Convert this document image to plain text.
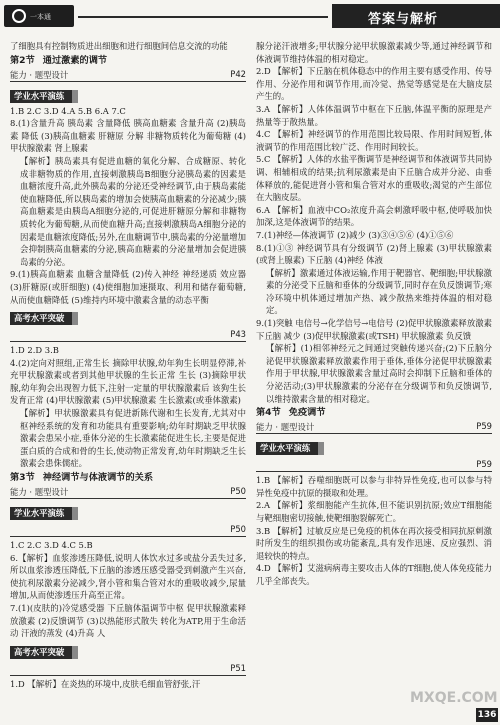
一本通	答案与解析

了细胞具有控制物质进出细胞和进行细胞间信息交流的功能

第2节 通过激素的调节
能力 · 题型设计	P42
学业水平演练

1.B 2.C 3.D 4.A 5.B 6.A 7.C

8.(1)含量升高 胰岛素 含量降低 胰高血糖素 含量升高 (2)胰岛素 降低 (3)胰高血糖素 肝糖原 分解 非糖物质转化为葡萄糖 (4)甲状腺激素 肾上腺素

【解析】胰岛素具有促进血糖的氧化分解、合成糖原、转化成非糖物质的作用,直接刺激胰岛B细胞分泌胰岛素的因素是血糖浓度升高,此外胰岛素的分泌还受神经调节,由于胰岛素能使血糖降低,所以胰岛素的增加会使胰高血糖素的分泌减少;胰高血糖素是由胰岛A细胞分泌的,可促进肝糖原分解和非糖物质转化为葡萄糖,从而使血糖升高;直接刺激胰岛A细胞分泌的因素是血糖浓度降低;另外,在血糖调节中,胰岛素的分泌量增加会抑制胰高血糖素的分泌,胰高血糖素的分泌量增加会促进胰岛素的分泌。

9.(1)胰高血糖素 血糖含量降低 (2)传入神经 神经递质 效应器 (3)肝糖原(或肝细胞) (4)使细胞加速摄取、利用和储存葡萄糖,从而使血糖降低 (5)维持内环境中激素含量的动态平衡

高考水平突破
P43

1.D 2.D 3.B

4.(2)定向对照组,正常生长 摘除甲状腺,幼年狗生长明显停滞,补充甲状腺激素或者到其他甲状腺的生长正常 生长 (3)摘除甲状腺,幼年狗会出现智力低下,注射一定量的甲状腺激素后 该狗生长发育正常 (4)甲状腺激素 (5)甲状腺激素 生长激素(或垂体激素)

【解析】甲状腺激素具有促进新陈代谢和生长发育,尤其对中枢神经系统的发育和功能具有重要影响;幼年时期缺乏甲状腺激素会患呆小症,垂体分泌的生长激素能促进生长,主要是促进蛋白质的合成和骨的生长,使动物正常发育,幼年时期缺乏生长激素会患侏儒症。

第3节 神经调节与体液调节的关系
能力 · 题型设计	P50
学业水平演练
P50

1.C 2.C 3.D 4.C 5.B

6.【解析】血浆渗透压降低,说明人体饮水过多或盐分丢失过多,所以血浆渗透压降低,下丘脑的渗透压感受器受到刺激产生兴奋,使抗利尿激素分泌减少,肾小管和集合管对水的重吸收减少,尿量增加,从而使渗透压升高至正常。

7.(1)(皮肤的)冷觉感受器 下丘脑体温调节中枢 促甲状腺激素释放激素 (2)反馈调节 (3)以热能形式散失 转化为ATP,用于生命活动 汗液的蒸发 (4)升高 人

高考水平突破
P51

1.D 【解析】在炎热的环境中,皮肤毛细血管舒张,汗

腺分泌汗液增多;甲状腺分泌甲状腺激素减少等,通过神经调节和体液调节维持体温的相对稳定。

2.D 【解析】下丘脑在机体稳态中的作用主要有感受作用、传导作用、分泌作用和调节作用,而冷觉、热觉等感觉是在大脑皮层产生的。

3.A 【解析】人体体温调节中枢在下丘脑,体温平衡的原理是产热量等于散热量。

4.C 【解析】神经调节的作用范围比较局限、作用时间短暂,体液调节的作用范围比较广泛、作用时间较长。

5.C 【解析】人体的水盐平衡调节是神经调节和体液调节共同协调、相辅相成的结果;抗利尿激素是由下丘脑合成并分泌、由垂体释放的,能促进肾小管和集合管对水的重吸收;渴觉的产生部位在大脑皮层。

6.A 【解析】血液中CO₂浓度升高会刺激呼吸中枢,使呼吸加快加深,这是体液调节的结果。

7.(1)神经—体液调节 (2)减少 (3)③④⑤⑥ (4)①⑤⑥

8.(1)①③ 神经调节具有分级调节 (2)肾上腺素 (3)甲状腺激素(或肾上腺素) 下丘脑 (4)神经 体液

【解析】激素通过体液运输,作用于靶器官、靶细胞;甲状腺激素的分泌受下丘脑和垂体的分级调节,同时存在负反馈调节;寒冷环境中机体通过增加产热、减少散热来维持体温的相对稳定。

9.(1)突触 电信号→化学信号→电信号 (2)促甲状腺激素释放激素 下丘脑 减少 (3)促甲状腺激素(或TSH) 甲状腺激素 负反馈

【解析】(1)相邻神经元之间通过突触传递兴奋;(2)下丘脑分泌促甲状腺激素释放激素作用于垂体,垂体分泌促甲状腺激素作用于甲状腺,甲状腺激素含量过高时会抑制下丘脑和垂体的分泌活动;(3)甲状腺激素的分泌存在分级调节和负反馈调节,以维持激素含量的相对稳定。

第4节 免疫调节
能力 · 题型设计	P59
学业水平演练
P59

1.B 【解析】吞噬细胞既可以参与非特异性免疫,也可以参与特异性免疫中抗原的摄取和处理。

2.A 【解析】浆细胞能产生抗体,但不能识别抗原;效应T细胞能与靶细胞密切接触,使靶细胞裂解死亡。

3.B 【解析】过敏反应是已免疫的机体在再次接受相同抗原刺激时所发生的组织损伤或功能紊乱,具有发作迅速、反应强烈、消退较快的特点。

4.D 【解析】艾滋病病毒主要攻击人体的T细胞,使人体免疫能力几乎全部丧失。

MXQE.COM
136
